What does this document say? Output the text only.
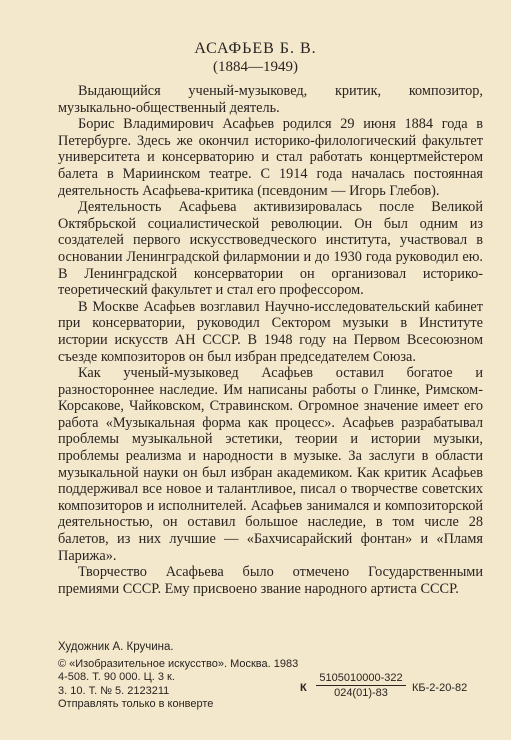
АСАФЬЕВ Б. В.
(1884—1949)

Выдающийся ученый-музыковед, критик, композитор, музыкально-общественный деятель.

Борис Владимирович Асафьев родился 29 июня 1884 года в Петербурге. Здесь же окончил историко-филологический факультет университета и консерваторию и стал работать концертмейстером балета в Мариинском театре. С 1914 года началась постоянная деятельность Асафьева-критика (псевдоним — Игорь Глебов).

Деятельность Асафьева активизировалась после Великой Октябрьской социалистической революции. Он был одним из создателей первого искусствоведческого института, участвовал в основании Ленинградской филармонии и до 1930 года руководил ею. В Ленинградской консерватории он организовал историко-теоретический факультет и стал его профессором.

В Москве Асафьев возглавил Научно-исследовательский кабинет при консерватории, руководил Сектором музыки в Институте истории искусств АН СССР. В 1948 году на Первом Всесоюзном съезде композиторов он был избран председателем Союза.

Как ученый-музыковед Асафьев оставил богатое и разностороннее наследие. Им написаны работы о Глинке, Римском-Корсакове, Чайковском, Стравинском. Огромное значение имеет его работа «Музыкальная форма как процесс». Асафьев разрабатывал проблемы музыкальной эстетики, теории и истории музыки, проблемы реализма и народности в музыке. За заслуги в области музыкальной науки он был избран академиком. Как критик Асафьев поддерживал все новое и талантливое, писал о творчестве советских композиторов и исполнителей. Асафьев занимался и композиторской деятельностью, он оставил большое наследие, в том числе 28 балетов, из них лучшие — «Бахчисарайский фонтан» и «Пламя Парижа».

Творчество Асафьева было отмечено Государственными премиями СССР. Ему присвоено звание народного артиста СССР.

Художник А. Кручина.
© «Изобразительное искусство». Москва. 1983
4-508. Т. 90 000. Ц. 3 к.
3. 10. Т. № 5. 2123211
Отправлять только в конверте
К $\frac{5105010000-322}{024(01)-83} КБ-2-20-82$
